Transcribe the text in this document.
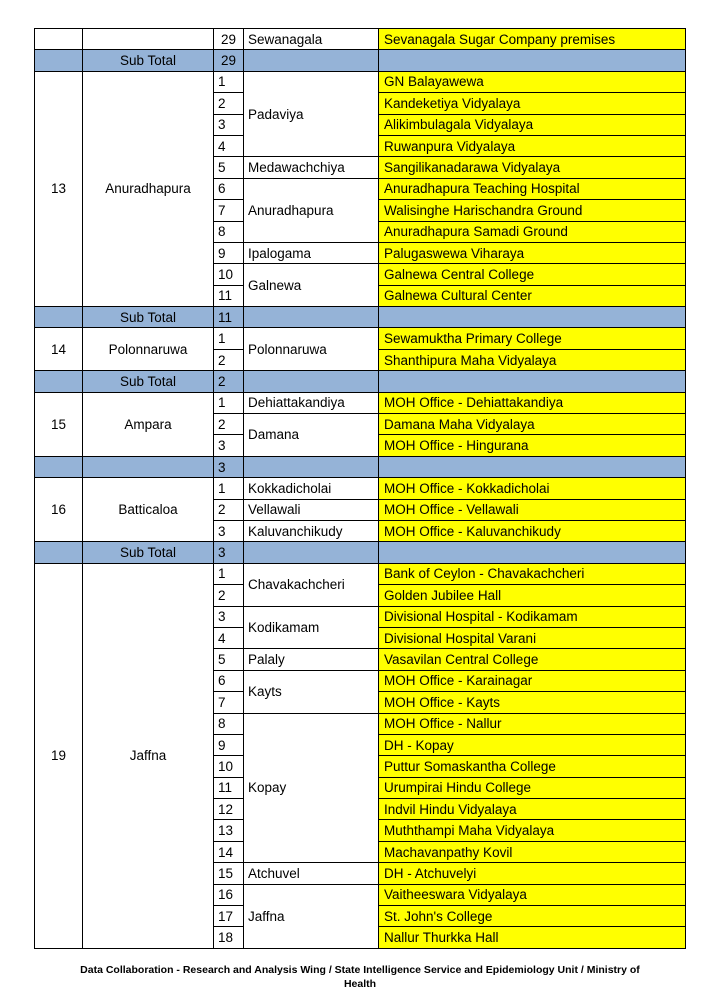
		29	Sewanagala	Sevanagala Sugar Company premises
	Sub Total	29		
13	Anuradhapura	1	Padaviya	GN Balayawewa
		2		Kandeketiya Vidyalaya
		3		Alikimbulagala Vidyalaya
		4		Ruwanpura Vidyalaya
		5	Medawachchiya	Sangilikanadarawa Vidyalaya
		6	Anuradhapura	Anuradhapura Teaching Hospital
		7		Walisinghe Harischandra Ground
		8		Anuradhapura Samadi Ground
		9	Ipalogama	Palugaswewa Viharaya
		10	Galnewa	Galnewa Central College
		11		Galnewa Cultural Center
	Sub Total	11		
14	Polonnaruwa	1	Polonnaruwa	Sewamuktha Primary College
		2		Shanthipura Maha Vidyalaya
	Sub Total	2		
15	Ampara	1	Dehiattakandiya	MOH Office - Dehiattakandiya
		2	Damana	Damana Maha Vidyalaya
		3		MOH Office - Hingurana
		3		
16	Batticaloa	1	Kokkadicholai	MOH Office - Kokkadicholai
		2	Vellawali	MOH Office - Vellawali
		3	Kaluvanchikudy	MOH Office - Kaluvanchikudy
	Sub Total	3		
19	Jaffna	1	Chavakachcheri	Bank of Ceylon - Chavakachcheri
		2		Golden Jubilee Hall
		3	Kodikamam	Divisional Hospital - Kodikamam
		4		Divisional Hospital Varani
		5	Palaly	Vasavilan Central College
		6	Kayts	MOH Office - Karainagar
		7		MOH Office - Kayts
		8	Kopay	MOH Office - Nallur
		9		DH - Kopay
		10		Puttur Somaskantha College
		11		Urumpirai Hindu College
		12		Indvil Hindu Vidyalaya
		13		Muththampi Maha Vidyalaya
		14		Machavanpathy Kovil
		15	Atchuvel	DH - Atchuvelyi
		16	Jaffna	Vaitheeswara Vidyalaya
		17		St. John's College
		18		Nallur Thurkka Hall
Data Collaboration - Research and Analysis Wing / State Intelligence Service and Epidemiology Unit / Ministry of
Health
